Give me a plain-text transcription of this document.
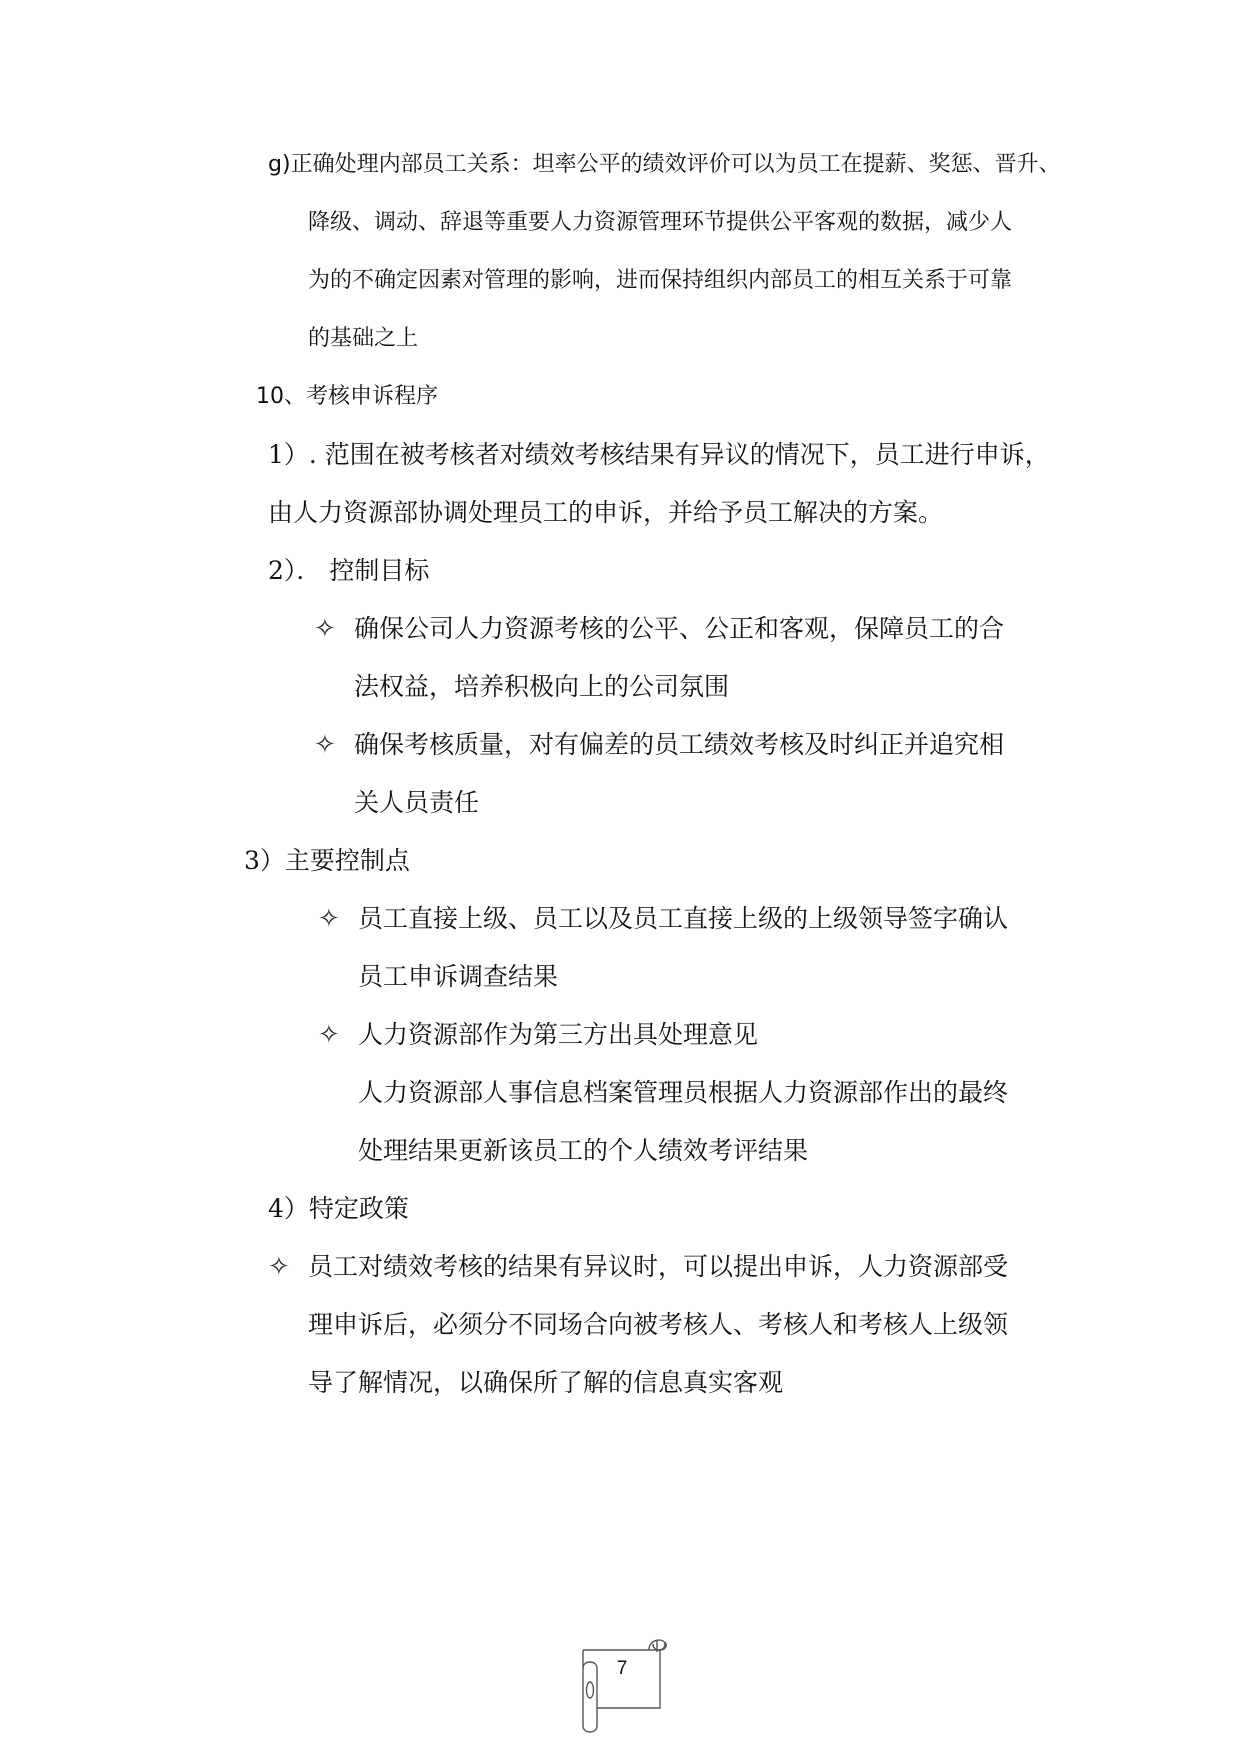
g)正确处理内部员工关系：坦率公平的绩效评价可以为员工在提薪、奖惩、晋升、
降级、调动、辞退等重要人力资源管理环节提供公平客观的数据，减少人
为的不确定因素对管理的影响，进而保持组织内部员工的相互关系于可靠
的基础之上
10、考核申诉程序
1）. 范围在被考核者对绩效考核结果有异议的情况下，员工进行申诉，
由人力资源部协调处理员工的申诉，并给予员工解决的方案。
2）． 控制目标
✧ 确保公司人力资源考核的公平、公正和客观，保障员工的合
法权益，培养积极向上的公司氛围
✧ 确保考核质量，对有偏差的员工绩效考核及时纠正并追究相
关人员责任
3）主要控制点
✧ 员工直接上级、员工以及员工直接上级的上级领导签字确认
员工申诉调查结果
✧ 人力资源部作为第三方出具处理意见
人力资源部人事信息档案管理员根据人力资源部作出的最终
处理结果更新该员工的个人绩效考评结果
4）特定政策
✧ 员工对绩效考核的结果有异议时，可以提出申诉，人力资源部受
理申诉后，必须分不同场合向被考核人、考核人和考核人上级领
导了解情况，以确保所了解的信息真实客观
7
